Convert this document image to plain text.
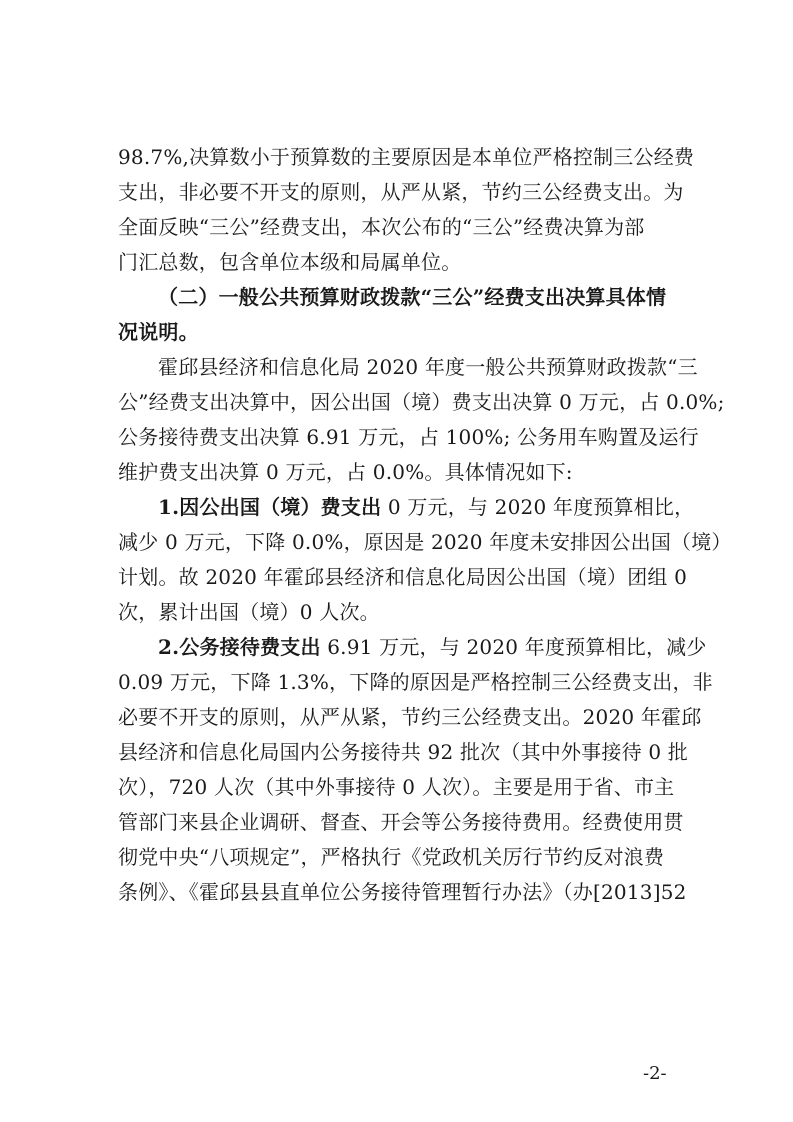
98.7%,决算数小于预算数的主要原因是本单位严格控制三公经费
支出，非必要不开支的原则，从严从紧，节约三公经费支出。为
全面反映“三公”经费支出，本次公布的“三公”经费决算为部
门汇总数，包含单位本级和局属单位。
（二）一般公共预算财政拨款“三公”经费支出决算具体情
况说明。
霍邱县经济和信息化局 2020 年度一般公共预算财政拨款“三
公”经费支出决算中，因公出国（境）费支出决算 0 万元，占 0.0%;
公务接待费支出决算 6.91 万元，占 100%; 公务用车购置及运行
维护费支出决算 0 万元，占 0.0%。具体情况如下:
1.因公出国（境）费支出 0 万元，与 2020 年度预算相比，
减少 0 万元，下降 0.0%，原因是 2020 年度未安排因公出国（境）
计划。故 2020 年霍邱县经济和信息化局因公出国（境）团组 0
次，累计出国（境）0 人次。
2.公务接待费支出 6.91 万元，与 2020 年度预算相比，减少
0.09 万元，下降 1.3%，下降的原因是严格控制三公经费支出，非
必要不开支的原则，从严从紧，节约三公经费支出。2020 年霍邱
县经济和信息化局国内公务接待共 92 批次（其中外事接待 0 批
次），720 人次（其中外事接待 0 人次）。主要是用于省、市主
管部门来县企业调研、督查、开会等公务接待费用。经费使用贯
彻党中央“八项规定”，严格执行《党政机关厉行节约反对浪费
条例》、《霍邱县县直单位公务接待管理暂行办法》（办[2013]52
-2-
